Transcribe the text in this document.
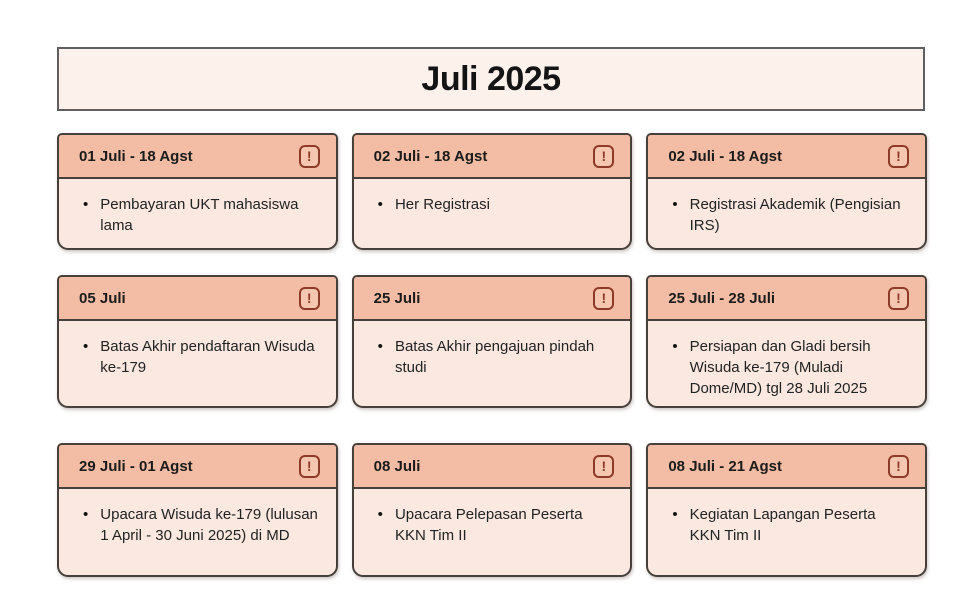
Juli 2025
01 Juli - 18 Agst	!
• Pembayaran UKT mahasiswa lama
02 Juli - 18 Agst	!
• Her Registrasi
02 Juli - 18 Agst	!
• Registrasi Akademik (Pengisian IRS)
05 Juli	!
• Batas Akhir pendaftaran Wisuda ke-179
25 Juli	!
• Batas Akhir pengajuan pindah studi
25 Juli - 28 Juli	!
• Persiapan dan Gladi bersih Wisuda ke-179 (Muladi Dome/MD) tgl 28 Juli 2025
29 Juli - 01 Agst	!
• Upacara Wisuda ke-179 (lulusan 1 April - 30 Juni 2025) di MD
08 Juli	!
• Upacara Pelepasan Peserta KKN Tim II
08 Juli - 21 Agst	!
• Kegiatan Lapangan Peserta KKN Tim II
